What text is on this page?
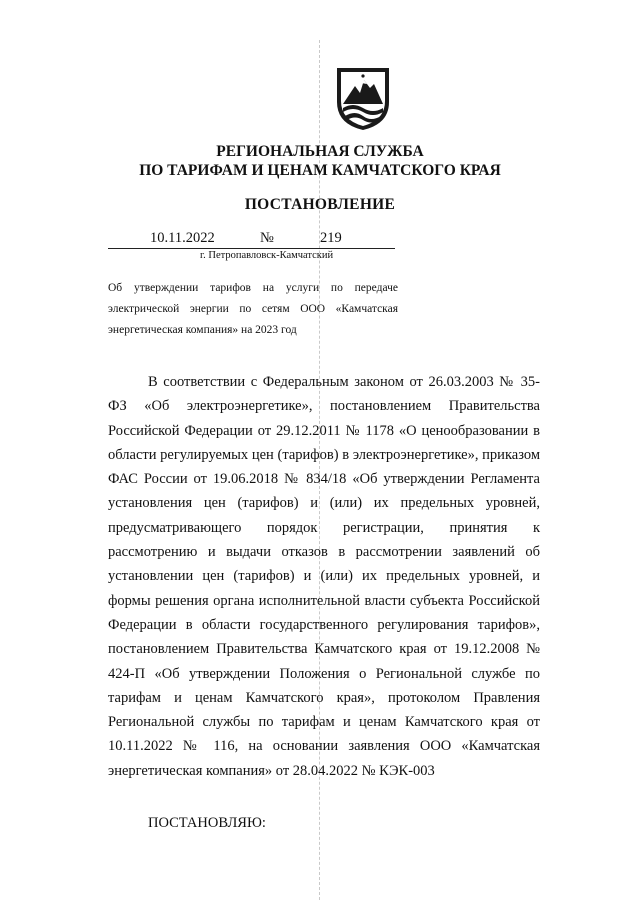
РЕГИОНАЛЬНАЯ СЛУЖБА

ПО ТАРИФАМ И ЦЕНАМ КАМЧАТСКОГО КРАЯ

ПОСТАНОВЛЕНИЕ

10.11.2022	№	219
г. Петропавловск-Камчатский
Об утверждении тарифов на услуги по передаче электрической энергии по сетям ООО «Камчатская энергетическая компания» на 2023 год

В соответствии с Федеральным законом от 26.03.2003 № 35-ФЗ «Об электроэнергетике», постановлением Правительства Российской Федерации от 29.12.2011 № 1178 «О ценообразовании в области регулируемых цен (тарифов) в электроэнергетике», приказом ФАС России от 19.06.2018 № 834/18 «Об утверждении Регламента установления цен (тарифов) и (или) их предельных уровней, предусматривающего порядок регистрации, принятия к рассмотрению и выдачи отказов в рассмотрении заявлений об установлении цен (тарифов) и (или) их предельных уровней, и формы решения органа исполнительной власти субъекта Российской Федерации в области государственного регулирования тарифов», постановлением Правительства Камчатского края от 19.12.2008 № 424-П «Об утверждении Положения о Региональной службе по тарифам и ценам Камчатского края», протоколом Правления Региональной службы по тарифам и ценам Камчатского края от 10.11.2022 № 116, на основании заявления ООО «Камчатская энергетическая компания» от 28.04.2022 № КЭК-003

ПОСТАНОВЛЯЮ:
